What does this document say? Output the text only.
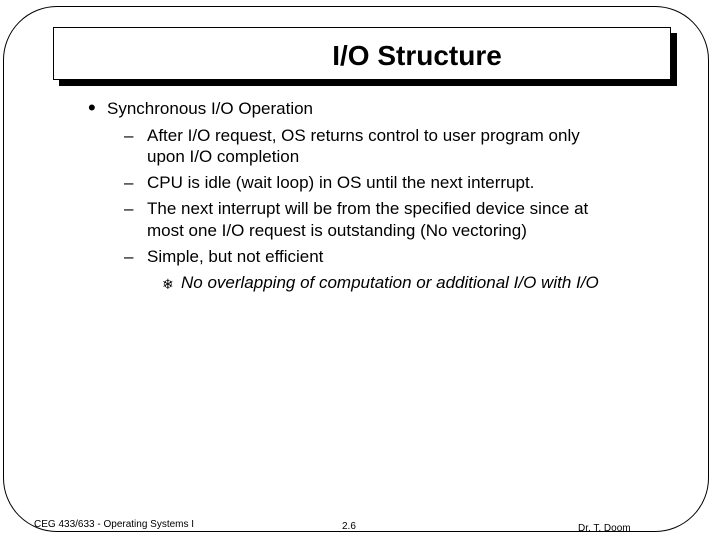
I/O Structure
• Synchronous I/O Operation
– After I/O request, OS returns control to user program only
upon I/O completion
– CPU is idle (wait loop) in OS until the next interrupt.
– The next interrupt will be from the specified device since at
most one I/O request is outstanding (No vectoring)
– Simple, but not efficient
❄ No overlapping of computation or additional I/O with I/O
CEG 433/633 - Operating Systems I	2.6	Dr. T. Doom
